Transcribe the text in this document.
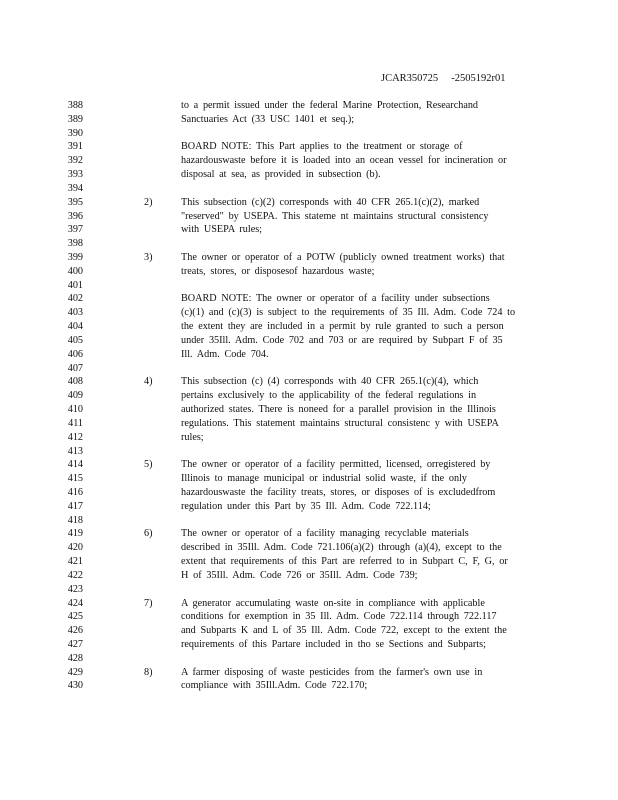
JCAR350725     -2505192r01
388	to a permit issued under the federal Marine Protection, Researchand
389	Sanctuaries Act (33 USC 1401 et seq.);
390
391	BOARD NOTE: This Part applies to the treatment or storage of
392	hazardouswaste before it is loaded into an ocean vessel for incineration or
393	disposal at sea, as provided in subsection (b).
394
395	2)	This subsection (c)(2) corresponds with 40 CFR 265.1(c)(2), marked
396	"reserved" by USEPA. This stateme nt maintains structural consistency
397	with USEPA rules;
398
399	3)	The owner or operator of a POTW (publicly owned treatment works) that
400	treats, stores, or disposesof hazardous waste;
401
402	BOARD NOTE: The owner or operator of a facility under subsections
403	(c)(1) and (c)(3) is subject to the requirements of 35 Ill. Adm. Code 724 to
404	the extent they are included in a permit by rule granted to such a person
405	under 35Ill. Adm. Code 702 and 703 or are required by Subpart F of 35
406	Ill. Adm. Code 704.
407
408	4)	This subsection (c) (4) corresponds with 40 CFR 265.1(c)(4), which
409	pertains exclusively to the applicability of the federal regulations in
410	authorized states. There is noneed for a parallel provision in the Illinois
411	regulations. This statement maintains structural consistenc y with USEPA
412	rules;
413
414	5)	The owner or operator of a facility permitted, licensed, orregistered by
415	Illinois to manage municipal or industrial solid waste, if the only
416	hazardouswaste the facility treats, stores, or disposes of is excludedfrom
417	regulation under this Part by 35 Ill. Adm. Code 722.114;
418
419	6)	The owner or operator of a facility managing recyclable materials
420	described in 35Ill. Adm. Code 721.106(a)(2) through (a)(4), except to the
421	extent that requirements of this Part are referred to in Subpart C, F, G, or
422	H of 35Ill. Adm. Code 726 or 35Ill. Adm. Code 739;
423
424	7)	A generator accumulating waste on-site in compliance with applicable
425	conditions for exemption in 35 Ill. Adm. Code 722.114 through 722.117
426	and Subparts K and L of 35 Ill. Adm. Code 722, except to the extent the
427	requirements of this Partare included in tho se Sections and Subparts;
428
429	8)	A farmer disposing of waste pesticides from the farmer's own use in
430	compliance with 35Ill.Adm. Code 722.170;
